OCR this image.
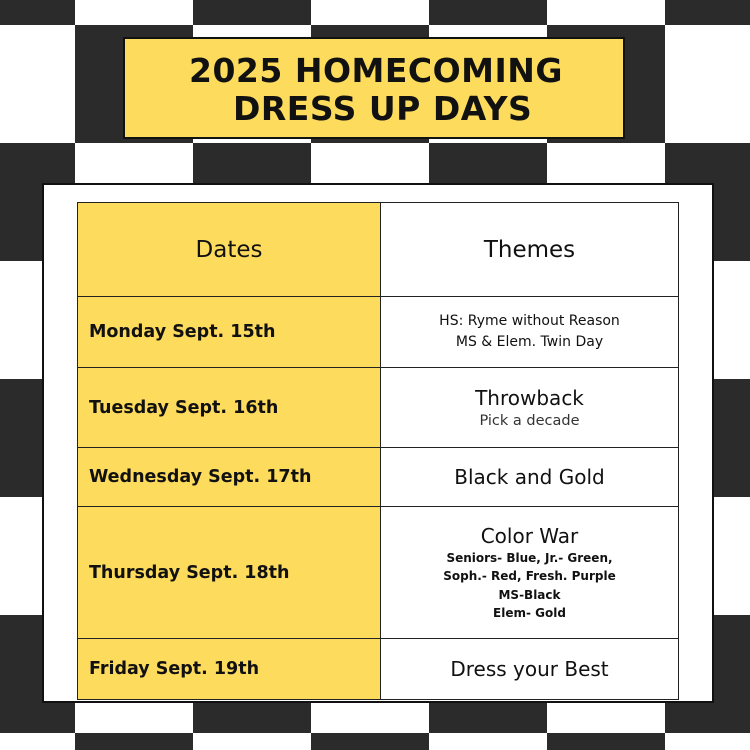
2025 HOMECOMING
DRESS UP DAYS
Dates	Themes
Monday Sept. 15th	HS: Ryme without Reason
MS & Elem. Twin Day

Tuesday Sept. 16th	Throwback
Pick a decade

Wednesday Sept. 17th	Black and Gold

Thursday Sept. 18th	Color War
Seniors- Blue, Jr.- Green,
Soph.- Red, Fresh. Purple
MS-Black
Elem- Gold

Friday Sept. 19th	Dress your Best
